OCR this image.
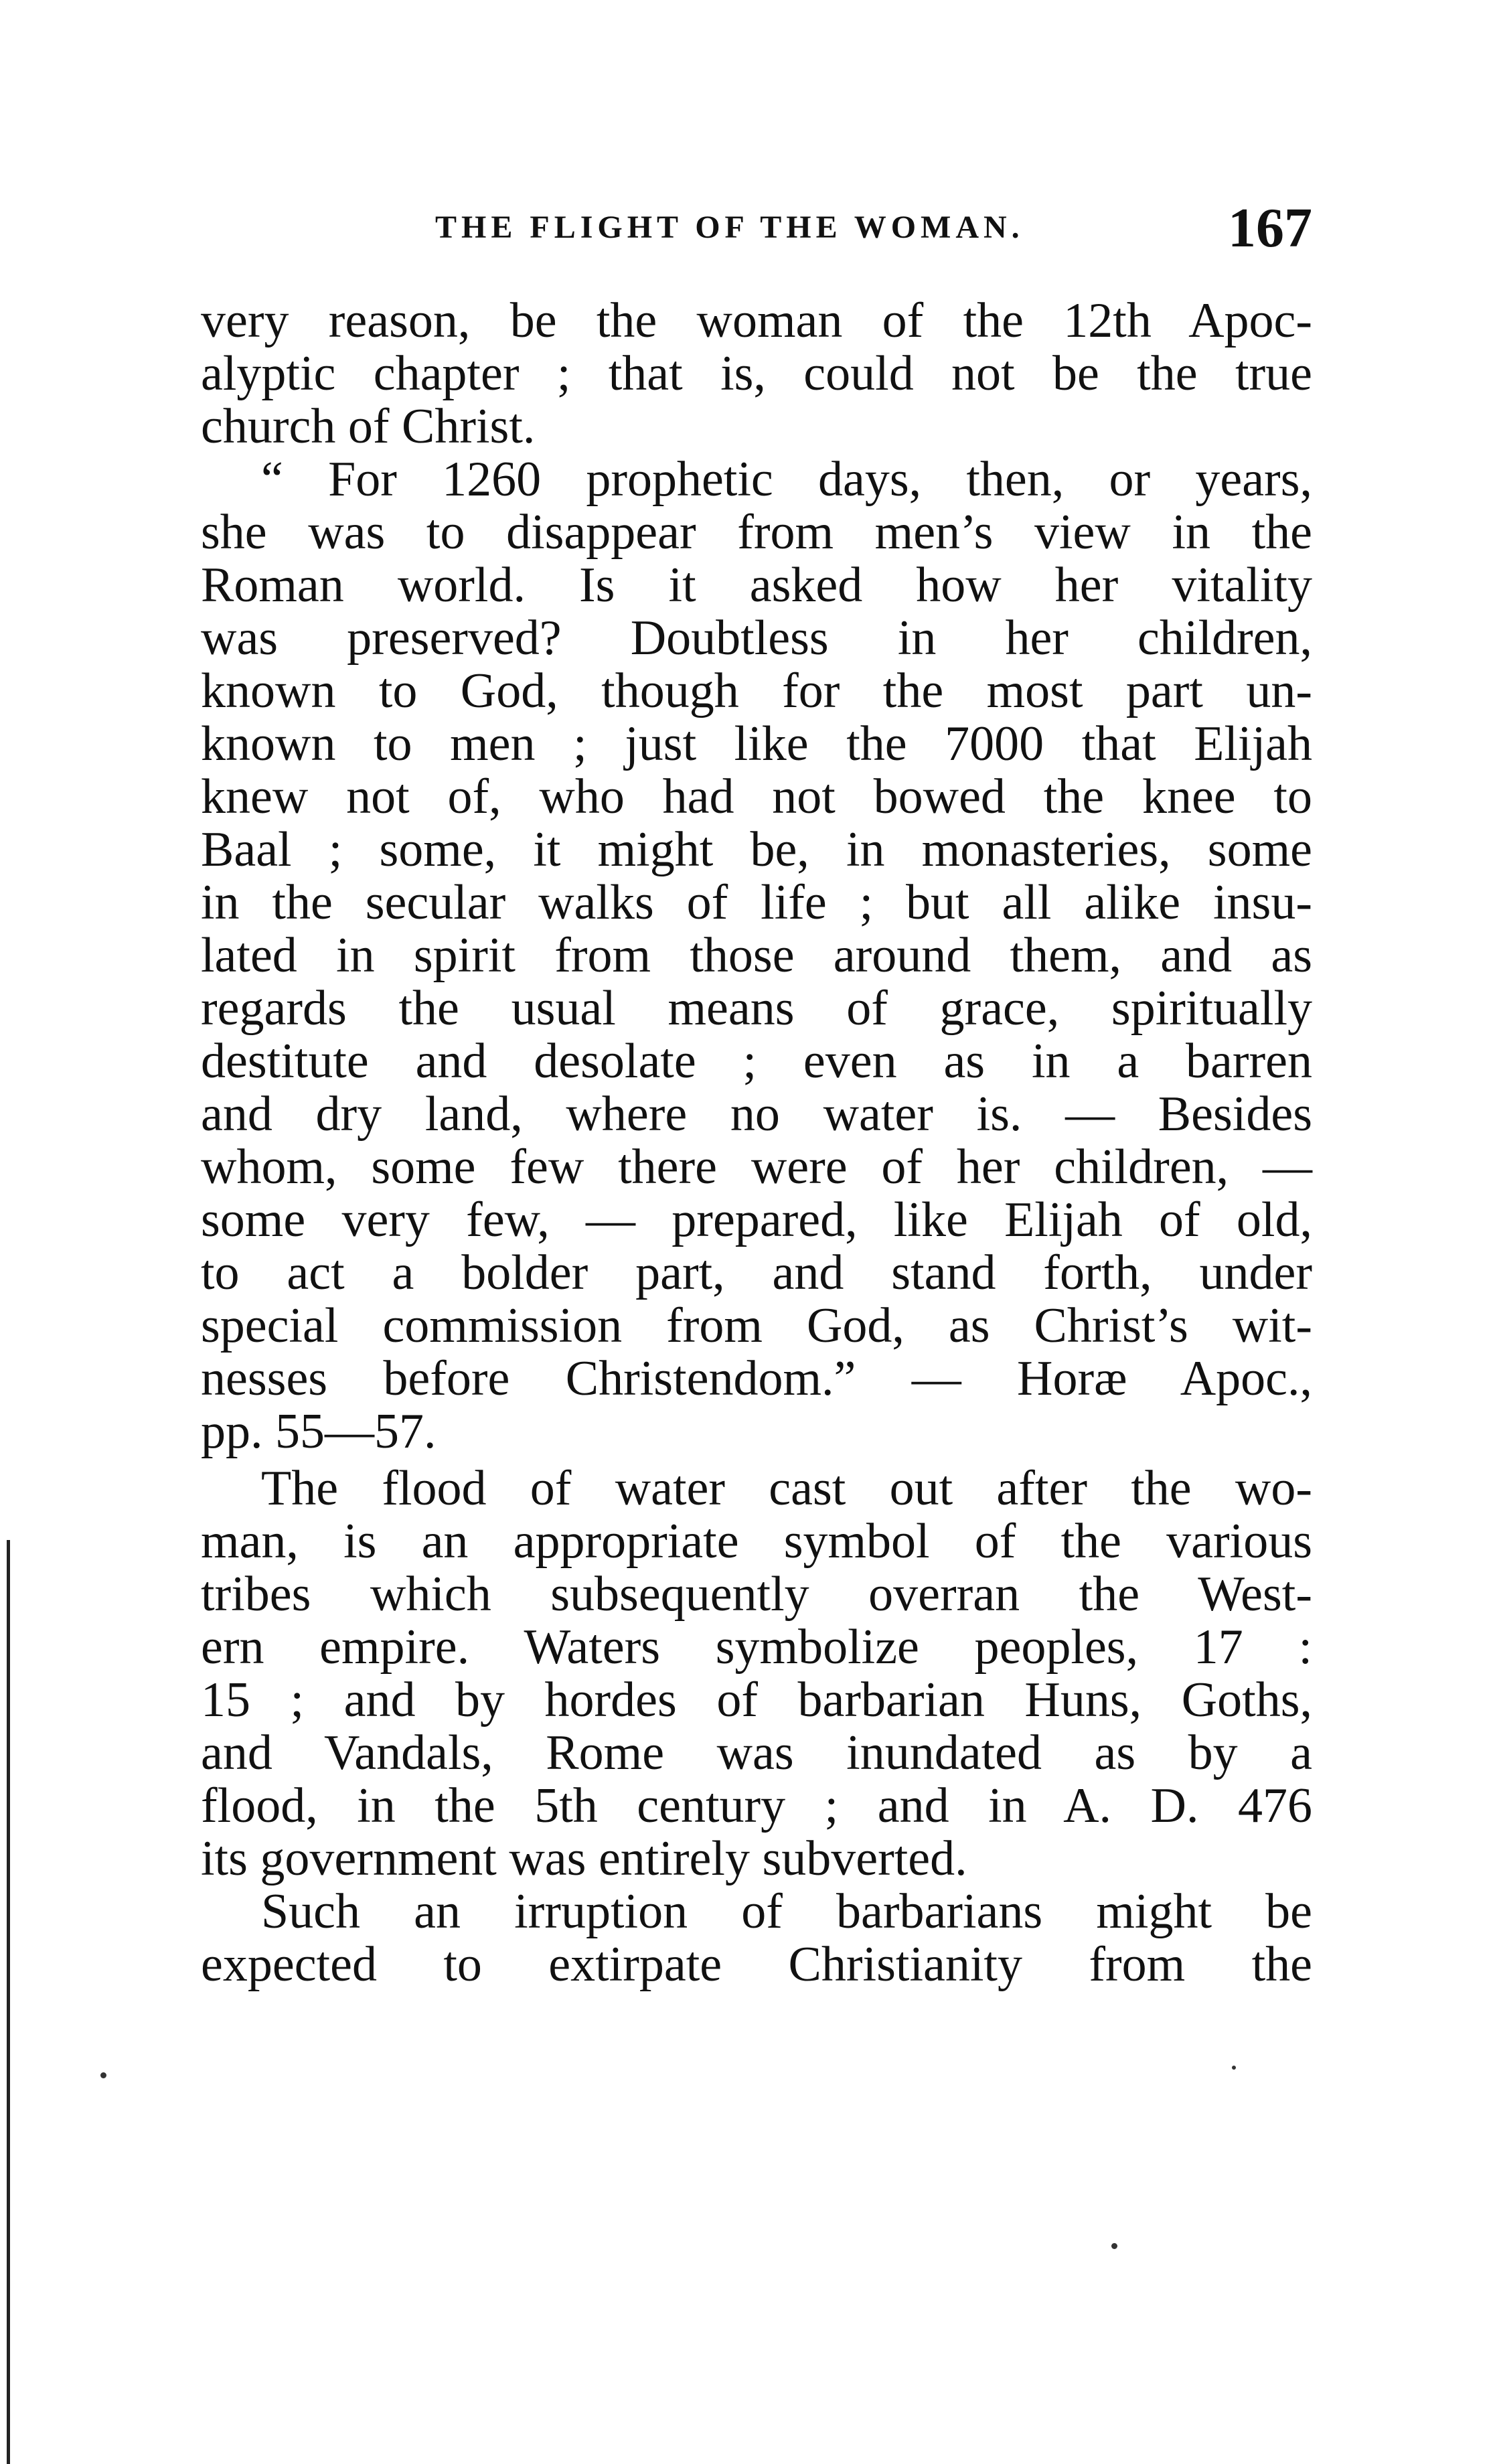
THE FLIGHT OF THE WOMAN.	167
very reason, be the woman of the 12th Apoc-
alyptic chapter ; that is, could not be the true
church of Christ.
“ For 1260 prophetic days, then, or years,
she was to disappear from men’s view in the
Roman world. Is it asked how her vitality
was preserved? Doubtless in her children,
known to God, though for the most part un-
known to men ; just like the 7000 that Elijah
knew not of, who had not bowed the knee to
Baal ; some, it might be, in monasteries, some
in the secular walks of life ; but all alike insu-
lated in spirit from those around them, and as
regards the usual means of grace, spiritually
destitute and desolate ; even as in a barren
and dry land, where no water is. — Besides
whom, some few there were of her children, —
some very few, — prepared, like Elijah of old,
to act a bolder part, and stand forth, under
special commission from God, as Christ’s wit-
nesses before Christendom.” — Horæ Apoc.,
pp. 55—57.
The flood of water cast out after the wo-
man, is an appropriate symbol of the various
tribes which subsequently overran the West-
ern empire. Waters symbolize peoples, 17 :
15 ; and by hordes of barbarian Huns, Goths,
and Vandals, Rome was inundated as by a
flood, in the 5th century ; and in A. D. 476
its government was entirely subverted.
Such an irruption of barbarians might be
expected to extirpate Christianity from the
